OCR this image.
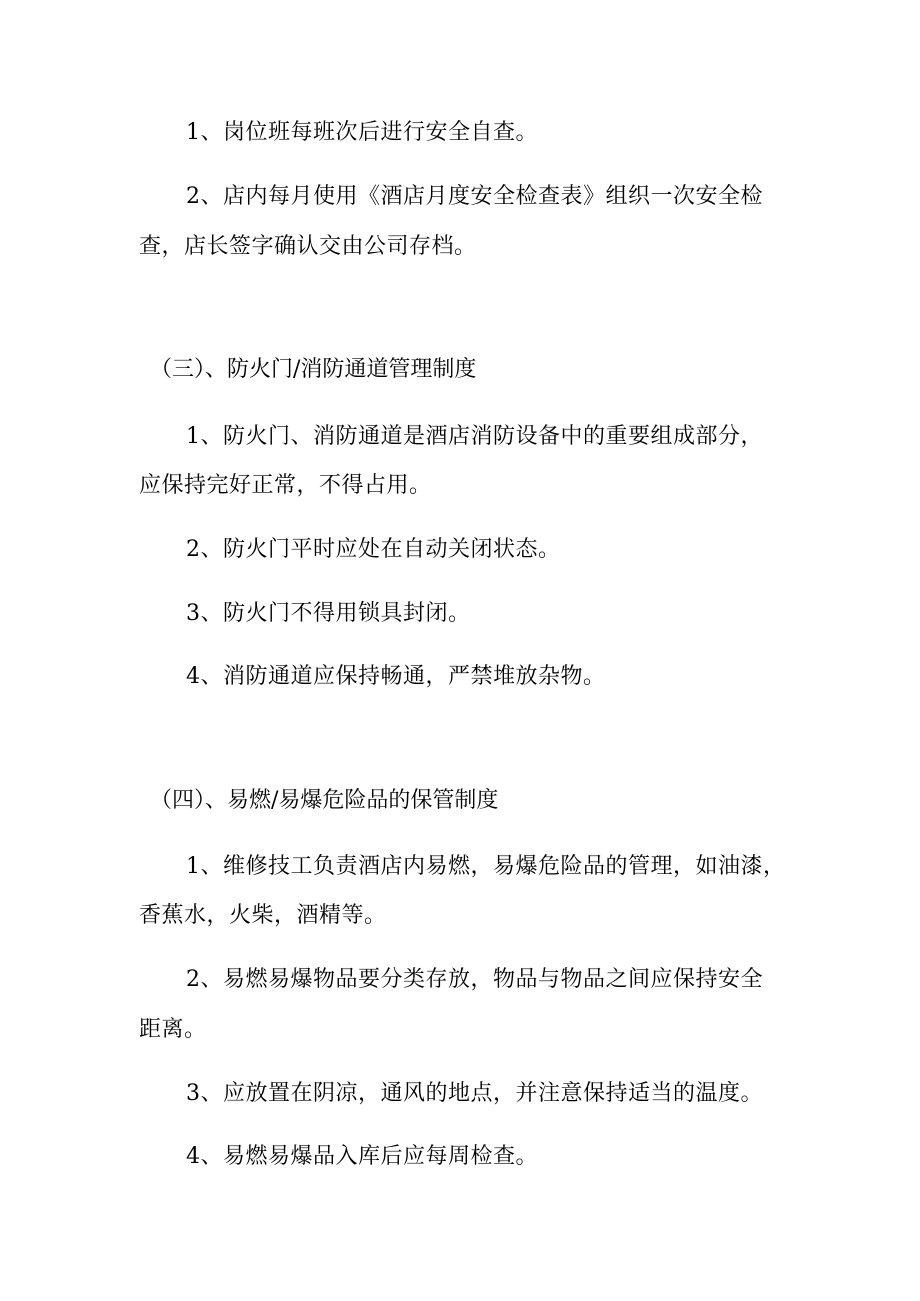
1、岗位班每班次后进行安全自查。
2、店内每月使用《酒店月度安全检查表》组织一次安全检
查，店长签字确认交由公司存档。
（三）、防火门/消防通道管理制度
1、防火门、消防通道是酒店消防设备中的重要组成部分，
应保持完好正常，不得占用。
2、防火门平时应处在自动关闭状态。
3、防火门不得用锁具封闭。
4、消防通道应保持畅通，严禁堆放杂物。
（四）、易燃/易爆危险品的保管制度
1、维修技工负责酒店内易燃，易爆危险品的管理，如油漆，
香蕉水，火柴，酒精等。
2、易燃易爆物品要分类存放，物品与物品之间应保持安全
距离。
3、应放置在阴凉，通风的地点，并注意保持适当的温度。
4、易燃易爆品入库后应每周检查。
